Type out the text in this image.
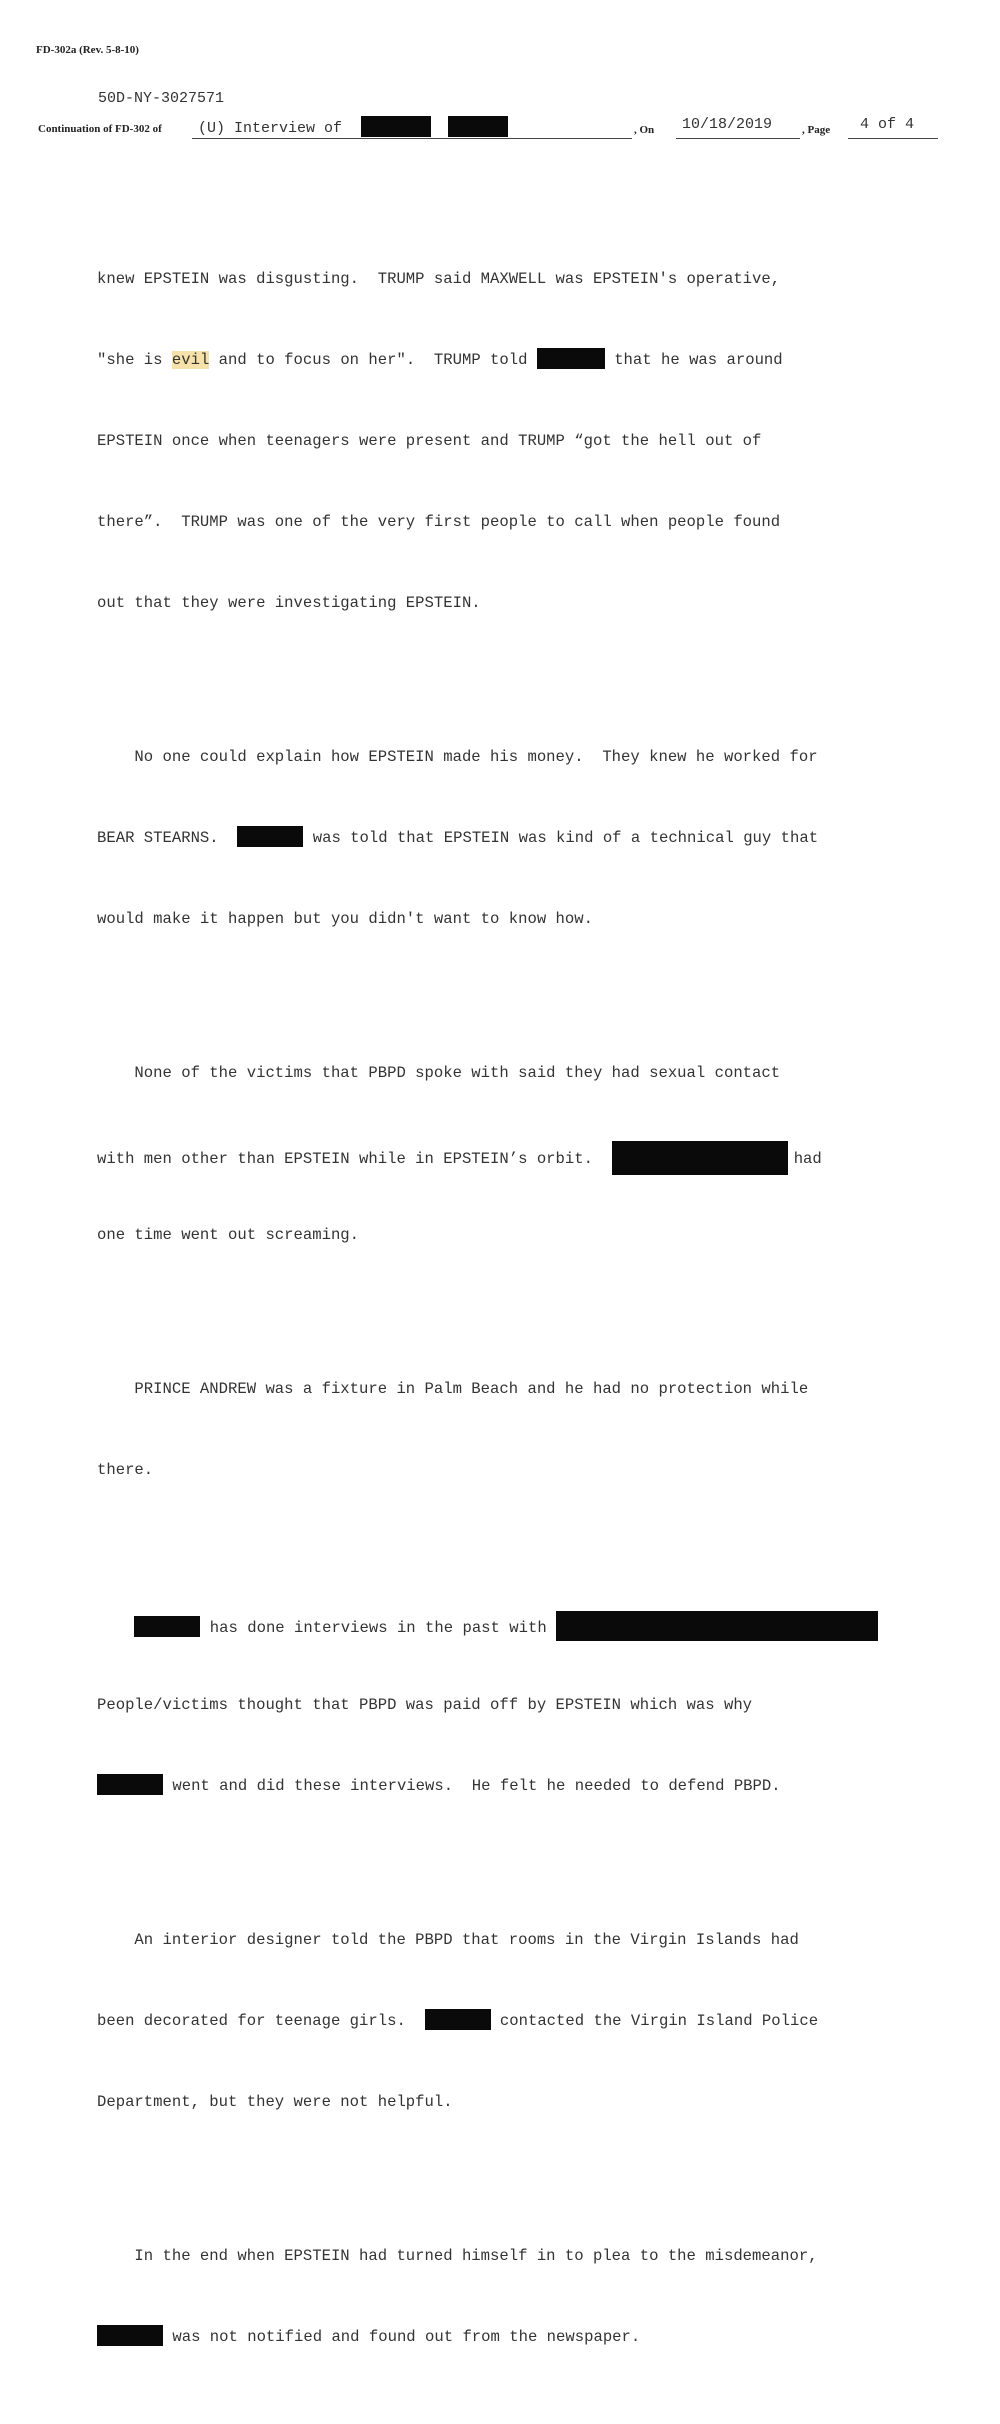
FD-302a (Rev. 5-8-10)
50D-NY-3027571
Continuation of FD-302 of	(U) Interview of	, On	10/18/2019	, Page	4 of 4

knew EPSTEIN was disgusting.  TRUMP said MAXWELL was EPSTEIN's operative,

"she is evil and to focus on her".  TRUMP told	that he was around

EPSTEIN once when teenagers were present and TRUMP “got the hell out of

there”.  TRUMP was one of the very first people to call when people found

out that they were investigating EPSTEIN.

No one could explain how EPSTEIN made his money.  They knew he worked for

BEAR STEARNS.	was told that EPSTEIN was kind of a technical guy that

would make it happen but you didn't want to know how.

None of the victims that PBPD spoke with said they had sexual contact

with men other than EPSTEIN while in EPSTEIN’s orbit.	had

one time went out screaming.

PRINCE ANDREW was a fixture in Palm Beach and he had no protection while

there.

has done interviews in the past with

People/victims thought that PBPD was paid off by EPSTEIN which was why

went and did these interviews.  He felt he needed to defend PBPD.

An interior designer told the PBPD that rooms in the Virgin Islands had

been decorated for teenage girls.	contacted the Virgin Island Police

Department, but they were not helpful.

In the end when EPSTEIN had turned himself in to plea to the misdemeanor,

was not notified and found out from the newspaper.
